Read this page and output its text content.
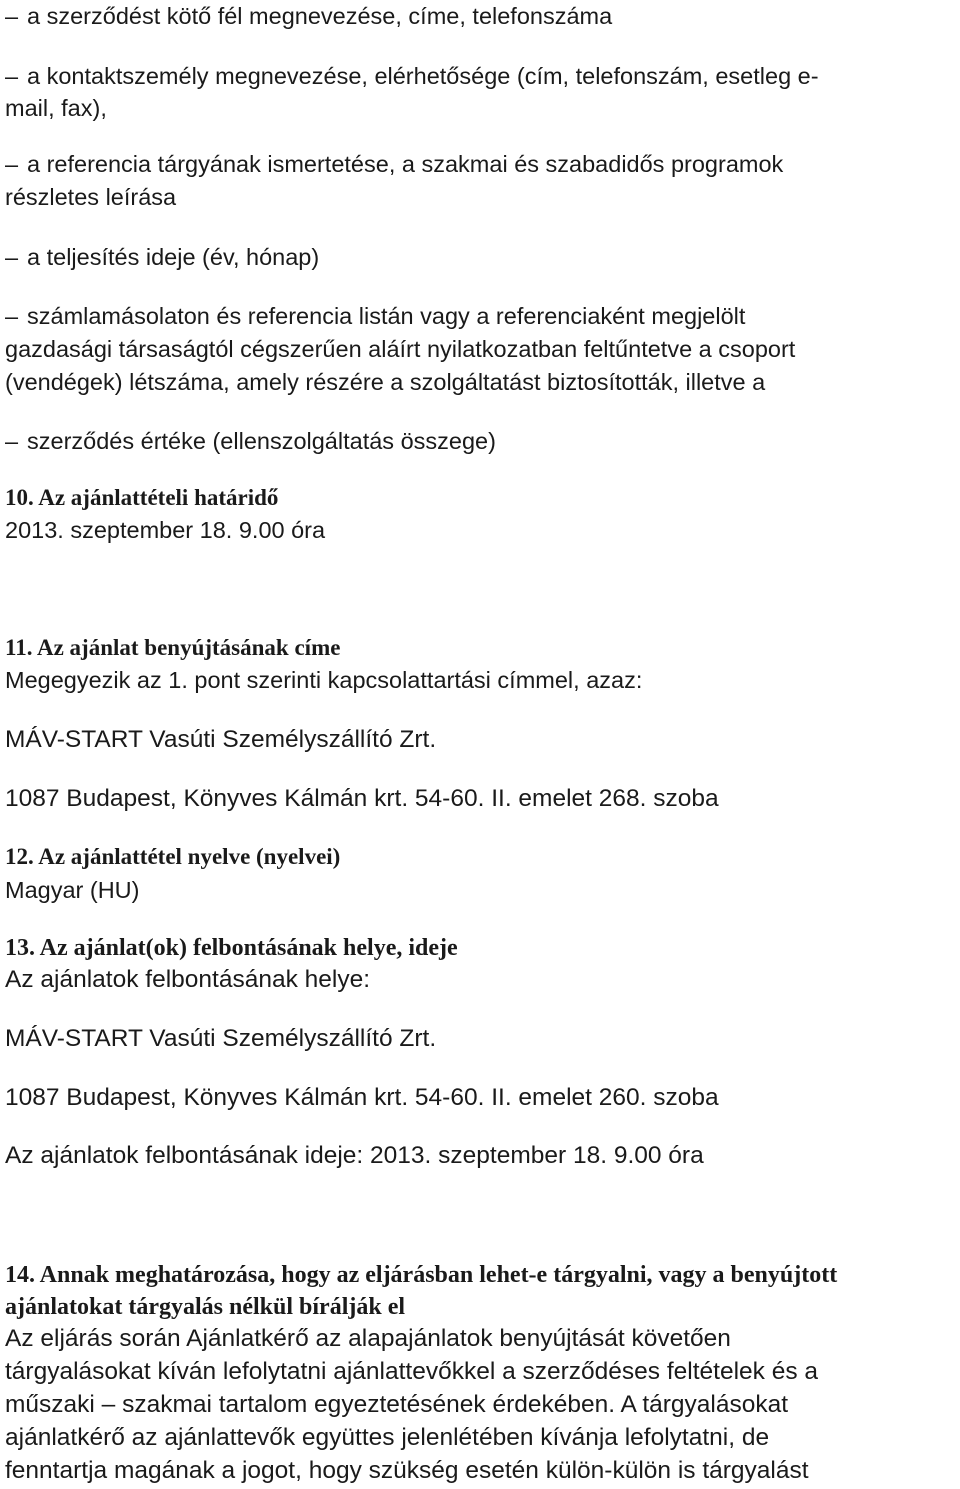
– a szerződést kötő fél megnevezése, címe, telefonszáma
– a kontaktszemély megnevezése, elérhetősége (cím, telefonszám, esetleg e-
mail, fax),
– a referencia tárgyának ismertetése, a szakmai és szabadidős programok
részletes leírása
– a teljesítés ideje (év, hónap)
– számlamásolaton és referencia listán vagy a referenciaként megjelölt
gazdasági társaságtól cégszerűen aláírt nyilatkozatban feltűntetve a csoport
(vendégek) létszáma, amely részére a szolgáltatást biztosították, illetve a
– szerződés értéke (ellenszolgáltatás összege)
10. Az ajánlattételi határidő
2013. szeptember 18. 9.00 óra
11. Az ajánlat benyújtásának címe
Megegyezik az 1. pont szerinti kapcsolattartási címmel, azaz:
MÁV-START Vasúti Személyszállító Zrt.
1087 Budapest, Könyves Kálmán krt. 54-60. II. emelet 268. szoba
12. Az ajánlattétel nyelve (nyelvei)
Magyar (HU)
13. Az ajánlat(ok) felbontásának helye, ideje
Az ajánlatok felbontásának helye:
MÁV-START Vasúti Személyszállító Zrt.
1087 Budapest, Könyves Kálmán krt. 54-60. II. emelet 260. szoba
Az ajánlatok felbontásának ideje: 2013. szeptember 18. 9.00 óra
14. Annak meghatározása, hogy az eljárásban lehet-e tárgyalni, vagy a benyújtott
ajánlatokat tárgyalás nélkül bírálják el
Az eljárás során Ajánlatkérő az alapajánlatok benyújtását követően
tárgyalásokat kíván lefolytatni ajánlattevőkkel a szerződéses feltételek és a
műszaki – szakmai tartalom egyeztetésének érdekében. A tárgyalásokat
ajánlatkérő az ajánlattevők együttes jelenlétében kívánja lefolytatni, de
fenntartja magának a jogot, hogy szükség esetén külön-külön is tárgyalást
